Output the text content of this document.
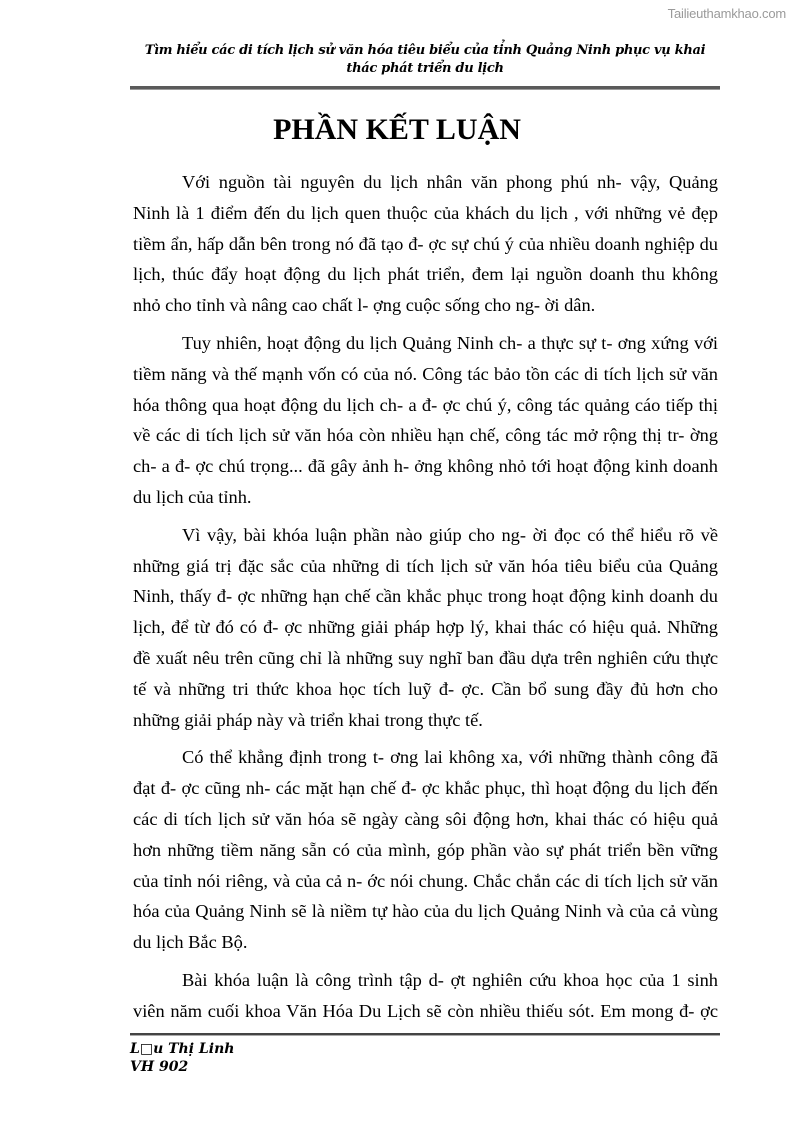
Tailieuthamkhao.com
Tìm hiểu các di tích lịch sử văn hóa tiêu biểu của tỉnh Quảng Ninh phục vụ khai
thác phát triển du lịch
PHẦN KẾT LUẬN

Với nguồn tài nguyên du lịch nhân văn phong phú nh- vậy, Quảng
Ninh là 1 điểm đến du lịch quen thuộc của khách du lịch , với những vẻ đẹp
tiềm ẩn, hấp dẫn bên trong nó đã tạo đ- ợc sự chú ý của nhiều doanh nghiệp du
lịch, thúc đẩy hoạt động du lịch phát triển, đem lại nguồn doanh thu không
nhỏ cho tỉnh và nâng cao chất l- ợng cuộc sống cho ng- ời dân.

Tuy nhiên, hoạt động du lịch Quảng Ninh ch- a thực sự t- ơng xứng với
tiềm năng và thế mạnh vốn có của nó. Công tác bảo tồn các di tích lịch sử văn
hóa thông qua hoạt động du lịch ch- a đ- ợc chú ý, công tác quảng cáo tiếp thị
về các di tích lịch sử văn hóa còn nhiều hạn chế, công tác mở rộng thị tr- ờng
ch- a đ- ợc chú trọng... đã gây ảnh h- ởng không nhỏ tới hoạt động kinh doanh
du lịch của tỉnh.

Vì vậy, bài khóa luận phần nào giúp cho ng- ời đọc có thể hiểu rõ về
những giá trị đặc sắc của những di tích lịch sử văn hóa tiêu biểu của Quảng
Ninh, thấy đ- ợc những hạn chế cần khắc phục trong hoạt động kinh doanh du
lịch, để từ đó có đ- ợc những giải pháp hợp lý, khai thác có hiệu quả. Những
đề xuất nêu trên cũng chỉ là những suy nghĩ ban đầu dựa trên nghiên cứu thực
tế và những tri thức khoa học tích luỹ đ- ợc. Cần bổ sung đầy đủ hơn cho
những giải pháp này và triển khai trong thực tế.

Có thể khẳng định trong t- ơng lai không xa, với những thành công đã
đạt đ- ợc cũng nh- các mặt hạn chế đ- ợc khắc phục, thì hoạt động du lịch đến
các di tích lịch sử văn hóa sẽ ngày càng sôi động hơn, khai thác có hiệu quả
hơn những tiềm năng sẵn có của mình, góp phần vào sự phát triển bền vững
của tỉnh nói riêng, và của cả n- ớc nói chung. Chắc chắn các di tích lịch sử văn
hóa của Quảng Ninh sẽ là niềm tự hào của du lịch Quảng Ninh và của cả vùng
du lịch Bắc Bộ.

Bài khóa luận là công trình tập d- ợt nghiên cứu khoa học của 1 sinh
viên năm cuối khoa Văn Hóa Du Lịch sẽ còn nhiều thiếu sót. Em mong đ- ợc

L□u Thị Linh
VH 902
